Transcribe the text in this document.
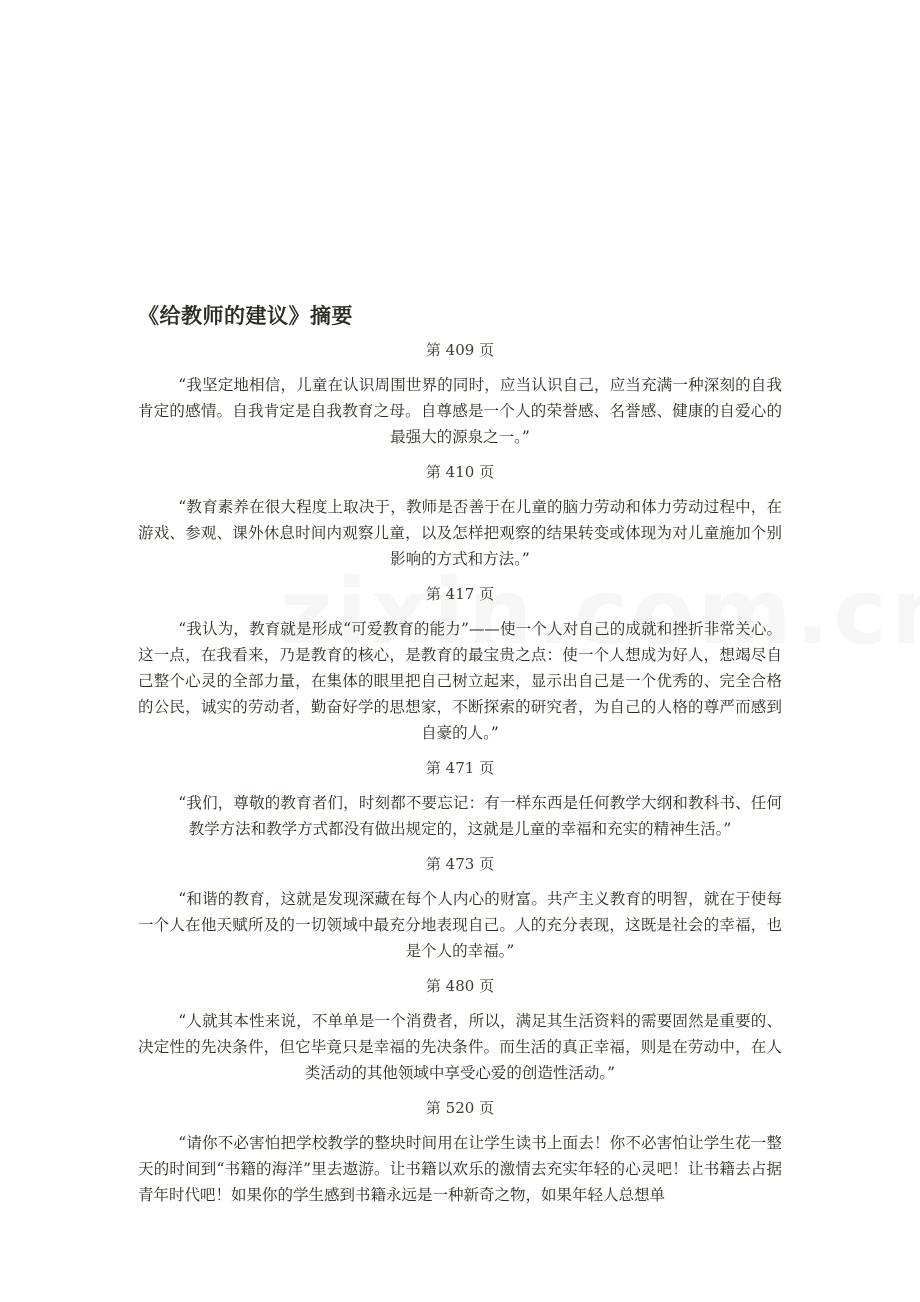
《给教师的建议》摘要
第 409 页

“我坚定地相信，儿童在认识周围世界的同时，应当认识自己，应当充满一种深刻的自我肯定的感情。自我肯定是自我教育之母。自尊感是一个人的荣誉感、名誉感、健康的自爱心的最强大的源泉之一。”

第 410 页

“教育素养在很大程度上取决于，教师是否善于在儿童的脑力劳动和体力劳动过程中，在游戏、参观、课外休息时间内观察儿童，以及怎样把观察的结果转变或体现为对儿童施加个别影响的方式和方法。”

第 417 页

“我认为，教育就是形成“可爱教育的能力”——使一个人对自己的成就和挫折非常关心。这一点，在我看来，乃是教育的核心，是教育的最宝贵之点：使一个人想成为好人，想竭尽自己整个心灵的全部力量，在集体的眼里把自己树立起来，显示出自己是一个优秀的、完全合格的公民，诚实的劳动者，勤奋好学的思想家，不断探索的研究者，为自己的人格的尊严而感到自豪的人。”

第 471 页

“我们，尊敬的教育者们，时刻都不要忘记：有一样东西是任何教学大纲和教科书、任何教学方法和教学方式都没有做出规定的，这就是儿童的幸福和充实的精神生活。”

第 473 页

“和谐的教育，这就是发现深藏在每个人内心的财富。共产主义教育的明智，就在于使每一个人在他天赋所及的一切领域中最充分地表现自己。人的充分表现，这既是社会的幸福，也是个人的幸福。”

第 480 页

“人就其本性来说，不单单是一个消费者，所以，满足其生活资料的需要固然是重要的、决定性的先决条件，但它毕竟只是幸福的先决条件。而生活的真正幸福，则是在劳动中，在人类活动的其他领域中享受心爱的创造性活动。”

第 520 页

“请你不必害怕把学校教学的整块时间用在让学生读书上面去！你不必害怕让学生花一整天的时间到“书籍的海洋”里去遨游。让书籍以欢乐的激情去充实年轻的心灵吧！让书籍去占据青年时代吧！如果你的学生感到书籍永远是一种新奇之物，如果年轻人总想单
